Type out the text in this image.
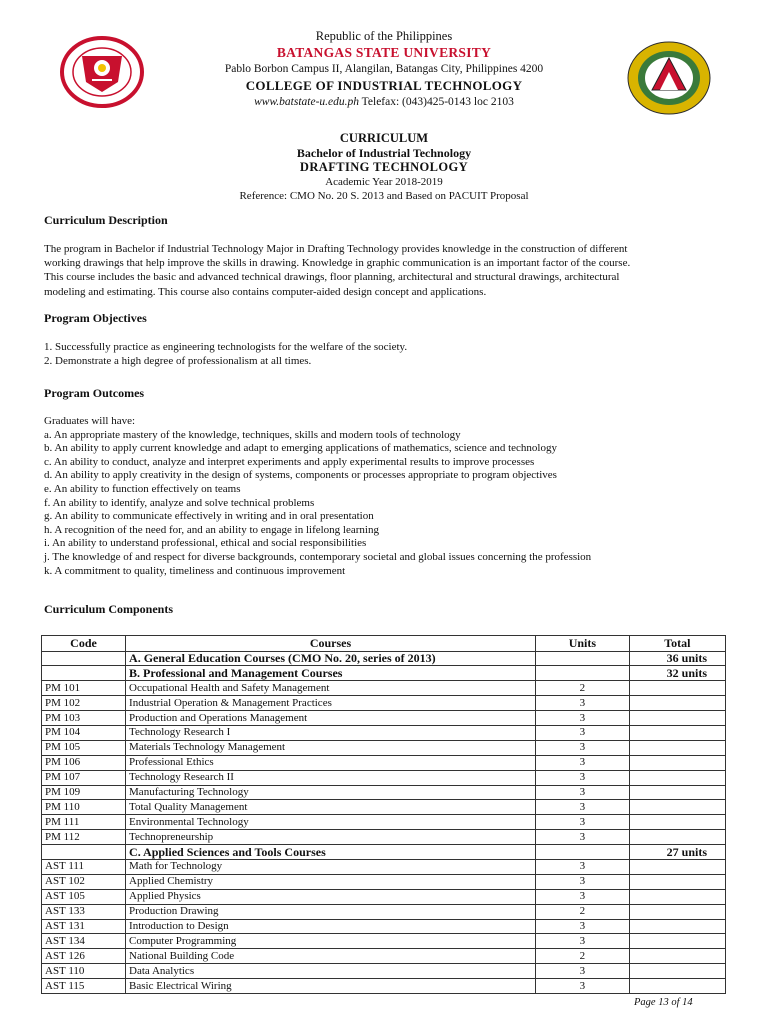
Republic of the Philippines
BATANGAS STATE UNIVERSITY
Pablo Borbon Campus II, Alangilan, Batangas City, Philippines 4200
COLLEGE OF INDUSTRIAL TECHNOLOGY
www.batstate-u.edu.ph Telefax: (043)425-0143 loc 2103
CURRICULUM
Bachelor of Industrial Technology
DRAFTING TECHNOLOGY
Academic Year 2018-2019
Reference: CMO No. 20 S. 2013 and Based on PACUIT Proposal
Curriculum Description
The program in Bachelor if Industrial Technology Major in Drafting Technology provides knowledge in the construction of different
working drawings that help improve the skills in drawing. Knowledge in graphic communication is an important factor of the course.
This course includes the basic and advanced technical drawings, floor planning, architectural and structural drawings, architectural
modeling and estimating. This course also contains computer-aided design concept and applications.
Program Objectives
1. Successfully practice as engineering technologists for the welfare of the society.
2. Demonstrate a high degree of professionalism at all times.
Program Outcomes
Graduates will have:
a. An appropriate mastery of the knowledge, techniques, skills and modern tools of technology
b. An ability to apply current knowledge and adapt to emerging applications of mathematics, science and technology
c. An ability to conduct, analyze and interpret experiments and apply experimental results to improve processes
d. An ability to apply creativity in the design of systems, components or processes appropriate to program objectives
e. An ability to function effectively on teams
f. An ability to identify, analyze and solve technical problems
g. An ability to communicate effectively in writing and in oral presentation
h. A recognition of the need for, and an ability to engage in lifelong learning
i. An ability to understand professional, ethical and social responsibilities
j. The knowledge of and respect for diverse backgrounds, contemporary societal and global issues concerning the profession
k. A commitment to quality, timeliness and continuous improvement
Curriculum Components
Code	Courses	Units	Total
	A. General Education Courses (CMO No. 20, series of 2013)		36 units
	B. Professional and Management Courses		32 units
PM 101	Occupational Health and Safety Management	2	
PM 102	Industrial Operation & Management Practices	3	
PM 103	Production and Operations Management	3	
PM 104	Technology Research I	3	
PM 105	Materials Technology Management	3	
PM 106	Professional Ethics	3	
PM 107	Technology Research II	3	
PM 109	Manufacturing Technology	3	
PM 110	Total Quality Management	3	
PM 111	Environmental Technology	3	
PM 112	Technopreneurship	3	
	C. Applied Sciences and Tools Courses		27 units
AST 111	Math for Technology	3	
AST 102	Applied Chemistry	3	
AST 105	Applied Physics	3	
AST 133	Production Drawing	2	
AST 131	Introduction to Design	3	
AST 134	Computer Programming	3	
AST 126	National Building Code	2	
AST 110	Data Analytics	3	
AST 115	Basic Electrical Wiring	3	
Page 13 of 14
